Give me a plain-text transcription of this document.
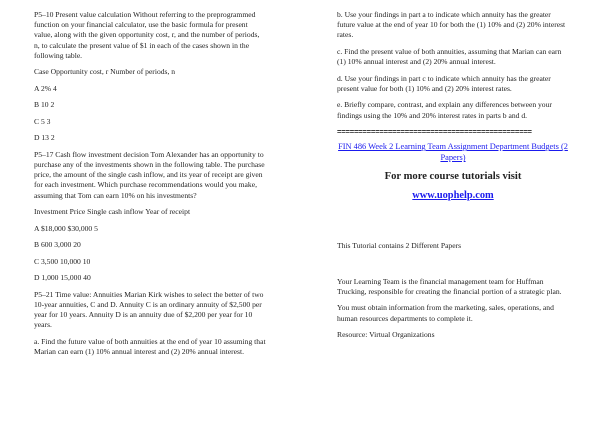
P5–10 Present value calculation Without referring to the preprogrammed function on your financial calculator, use the basic formula for present value, along with the given opportunity cost, r, and the number of periods, n, to calculate the present value of $1 in each of the cases shown in the following table.

Case Opportunity cost, r Number of periods, n

A 2% 4

B 10 2

C 5 3

D 13 2

P5–17 Cash flow investment decision Tom Alexander has an opportunity to purchase any of the investments shown in the following table. The purchase price, the amount of the single cash inflow, and its year of receipt are given for each investment. Which purchase recommendations would you make, assuming that Tom can earn 10% on his investments?

Investment Price Single cash inflow Year of receipt

A $18,000 $30,000 5

B 600 3,000 20

C 3,500 10,000 10

D 1,000 15,000 40

P5–21 Time value: Annuities Marian Kirk wishes to select the better of two 10-year annuities, C and D. Annuity C is an ordinary annuity of $2,500 per year for 10 years. Annuity D is an annuity due of $2,200 per year for 10 years.

a. Find the future value of both annuities at the end of year 10 assuming that Marian can earn (1) 10% annual interest and (2) 20% annual interest.

b. Use your findings in part a to indicate which annuity has the greater future value at the end of year 10 for both the (1) 10% and (2) 20% interest rates.

c. Find the present value of both annuities, assuming that Marian can earn (1) 10% annual interest and (2) 20% annual interest.

d. Use your findings in part c to indicate which annuity has the greater present value for both (1) 10% and (2) 20% interest rates.

e. Briefly compare, contrast, and explain any differences between your findings using the 10% and 20% interest rates in parts b and d.

==============================================

FIN 486 Week 2 Learning Team Assignment Department Budgets (2 Papers)

For more course tutorials visit

www.uophelp.com

This Tutorial contains 2 Different Papers

Your Learning Team is the financial management team for Huffman Trucking, responsible for creating the financial portion of a strategic plan.

You must obtain information from the marketing, sales, operations, and human resources departments to complete it.

Resource: Virtual Organizations
